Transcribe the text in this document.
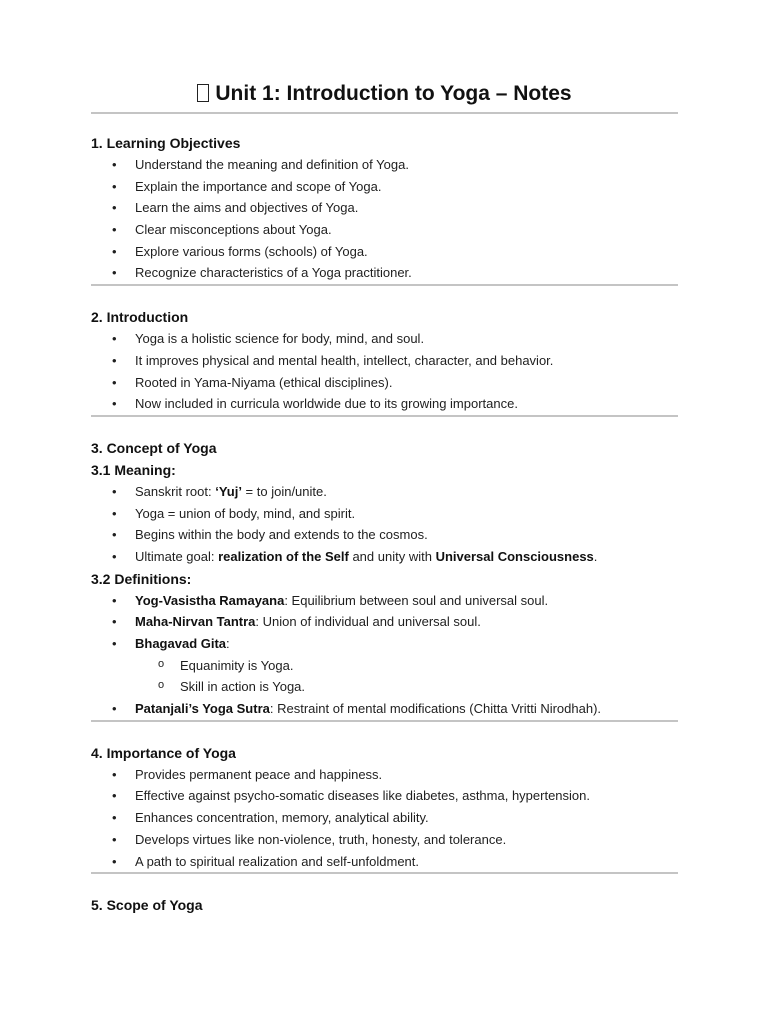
Unit 1: Introduction to Yoga – Notes
1. Learning Objectives
• Understand the meaning and definition of Yoga.
• Explain the importance and scope of Yoga.
• Learn the aims and objectives of Yoga.
• Clear misconceptions about Yoga.
• Explore various forms (schools) of Yoga.
• Recognize characteristics of a Yoga practitioner.
2. Introduction
• Yoga is a holistic science for body, mind, and soul.
• It improves physical and mental health, intellect, character, and behavior.
• Rooted in Yama-Niyama (ethical disciplines).
• Now included in curricula worldwide due to its growing importance.
3. Concept of Yoga
3.1 Meaning:
• Sanskrit root: ‘Yuj’ = to join/unite.
• Yoga = union of body, mind, and spirit.
• Begins within the body and extends to the cosmos.
• Ultimate goal: realization of the Self and unity with Universal Consciousness.
3.2 Definitions:
• Yog-Vasistha Ramayana: Equilibrium between soul and universal soul.
• Maha-Nirvan Tantra: Union of individual and universal soul.
• Bhagavad Gita:
o Equanimity is Yoga.
o Skill in action is Yoga.
• Patanjali’s Yoga Sutra: Restraint of mental modifications (Chitta Vritti Nirodhah).
4. Importance of Yoga
• Provides permanent peace and happiness.
• Effective against psycho-somatic diseases like diabetes, asthma, hypertension.
• Enhances concentration, memory, analytical ability.
• Develops virtues like non-violence, truth, honesty, and tolerance.
• A path to spiritual realization and self-unfoldment.
5. Scope of Yoga
